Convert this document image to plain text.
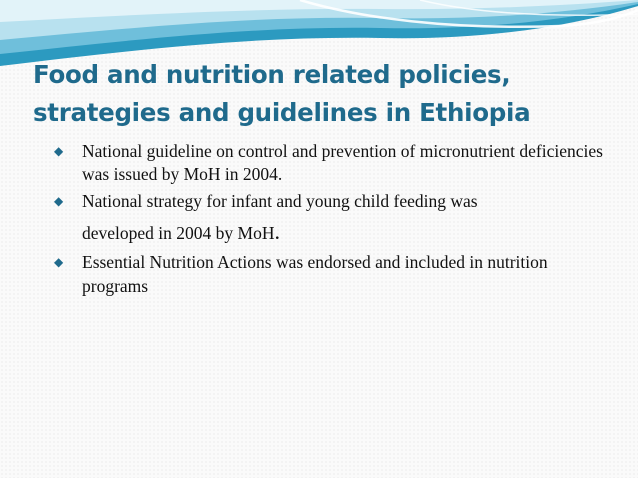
Food and nutrition related policies,
strategies and guidelines in Ethiopia
◆ National guideline on control and prevention of micronutrient deficiencies was issued by MoH in 2004.
◆ National strategy for infant and young child feeding was
developed in 2004 by MoH.
◆ Essential Nutrition Actions was endorsed and included in nutrition programs
